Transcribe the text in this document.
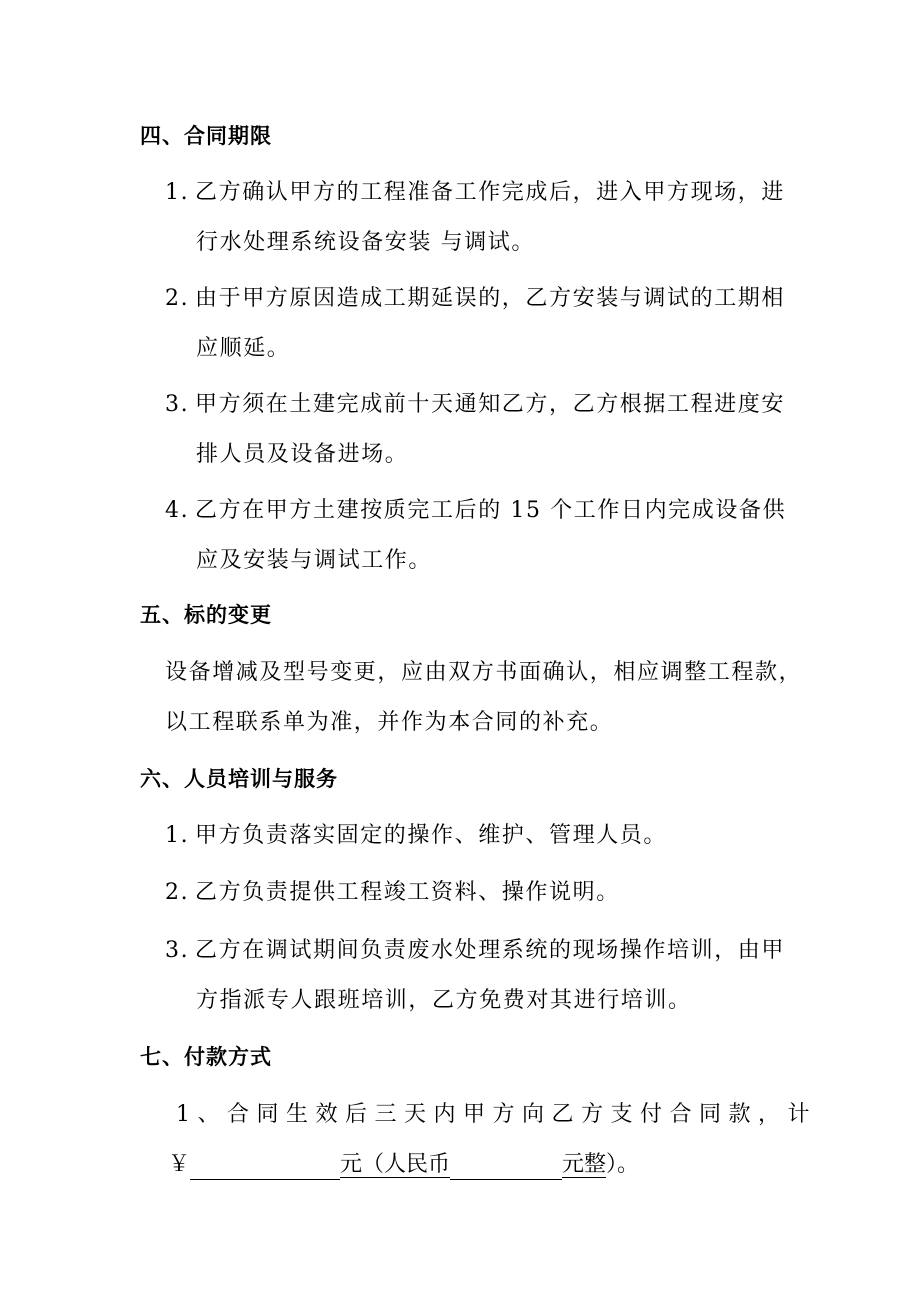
四、合同期限
1. 乙方确认甲方的工程准备工作完成后，进入甲方现场，进
行水处理系统设备安装 与调试。
2. 由于甲方原因造成工期延误的，乙方安装与调试的工期相
应顺延。
3. 甲方须在土建完成前十天通知乙方，乙方根据工程进度安
排人员及设备进场。
4. 乙方在甲方土建按质完工后的 15 个工作日内完成设备供
应及安装与调试工作。
五、标的变更
设备增减及型号变更，应由双方书面确认，相应调整工程款，
以工程联系单为准，并作为本合同的补充。
六、人员培训与服务
1. 甲方负责落实固定的操作、维护、管理人员。
2. 乙方负责提供工程竣工资料、操作说明。
3. 乙方在调试期间负责废水处理系统的现场操作培训，由甲
方指派专人跟班培训，乙方免费对其进行培训。
七、付款方式
1、合同生效后三天内甲方向乙方支付合同款，计
￥	元（人民币	元整）。
